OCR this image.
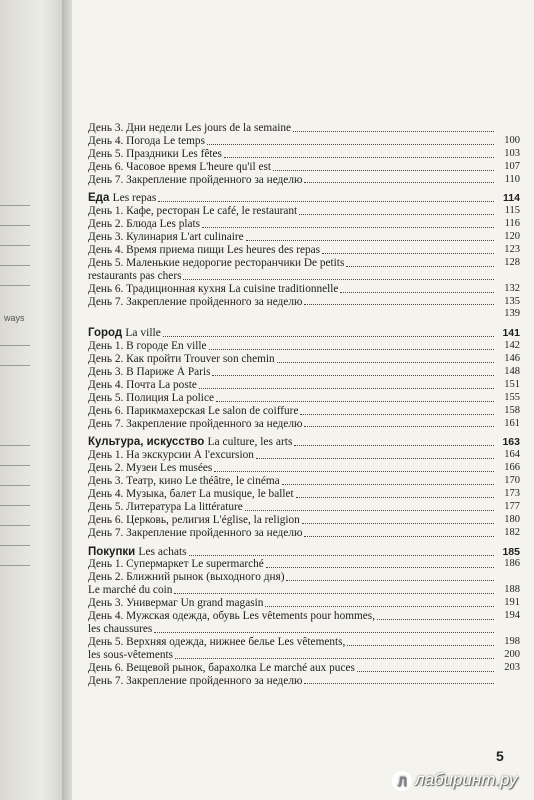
ways
День 3. Дни недели Les jours de la semaine
День 4. Погода Le temps	100
День 5. Праздники Les fêtes	103
День 6. Часовое время L'heure qu'il est	107
День 7. Закрепление пройденного за неделю	110
Еда Les repas	114
День 1. Кафе, ресторан Le café, le restaurant	115
День 2. Блюда Les plats	116
День 3. Кулинария L'art culinaire	120
День 4. Время приема пищи Les heures des repas	123
День 5. Маленькие недорогие ресторанчики De petits	128
restaurants pas chers
День 6. Традиционная кухня La cuisine traditionnelle	132
День 7. Закрепление пройденного за неделю	135
139
Город La ville	141
День 1. В городе En ville	142
День 2. Как пройти Trouver son chemin	146
День 3. В Париже À Paris	148
День 4. Почта La poste	151
День 5. Полиция La police	155
День 6. Парикмахерская Le salon de coiffure	158
День 7. Закрепление пройденного за неделю	161
Культура, искусство La culture, les arts	163
День 1. На экскурсии À l'excursion	164
День 2. Музеи Les musées	166
День 3. Театр, кино Le théâtre, le cinéma	170
День 4. Музыка, балет La musique, le ballet	173
День 5. Литература La littérature	177
День 6. Церковь, религия L'église, la religion	180
День 7. Закрепление пройденного за неделю	182
Покупки Les achats	185
День 1. Супермаркет Le supermarché	186
День 2. Ближний рынок (выходного дня)
Le marché du coin	188
День 3. Универмаг Un grand magasin	191
День 4. Мужская одежда, обувь Les vêtements pour hommes,	194
les chaussures
День 5. Верхняя одежда, нижнее белье Les vêtements,	198
les sous-vêtements	200
День 6. Вещевой рынок, барахолка Le marché aux puces	203
День 7. Закрепление пройденного за неделю
5
Л лабиринт.ру
